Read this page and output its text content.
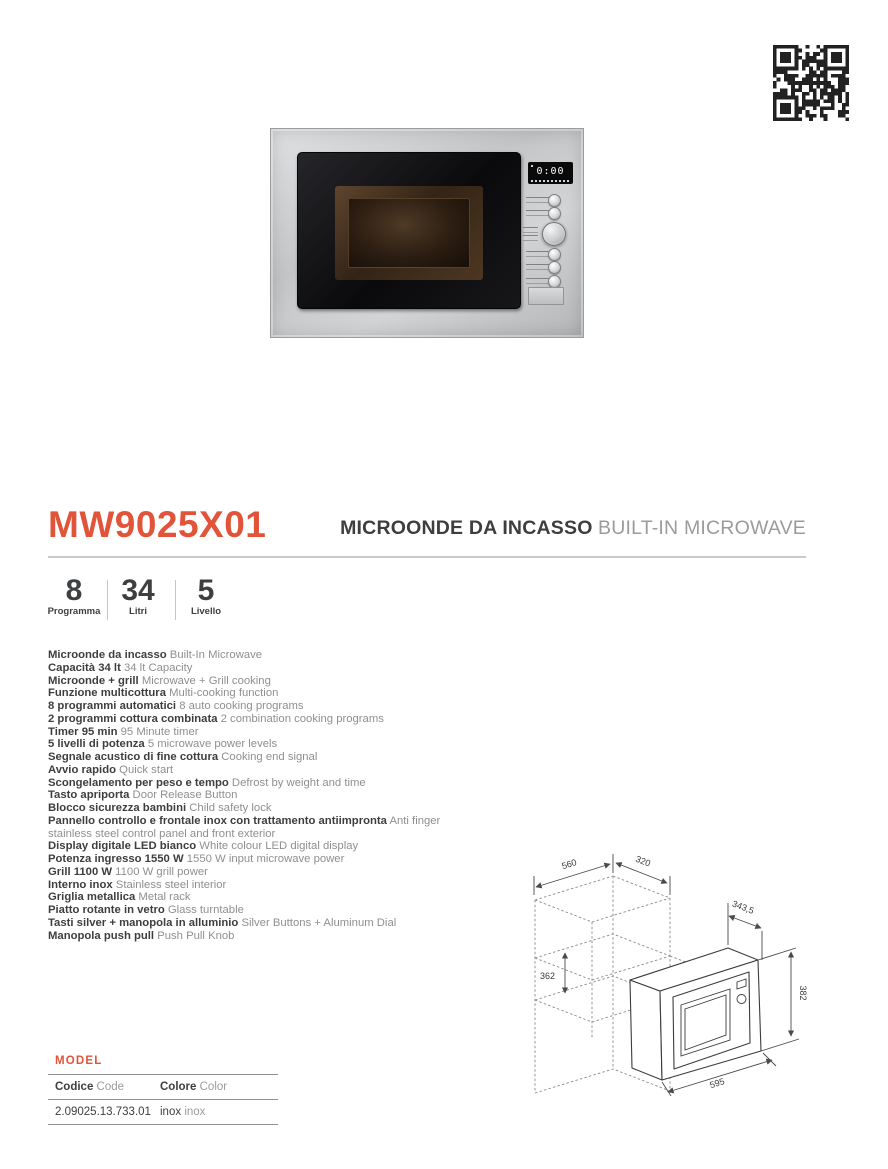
0:00
MW9025X01	MICROONDE DA INCASSO BUILT-IN MICROWAVE
8
Programma
34
Litri
5
Livello
Microonde da incasso Built-In Microwave
Capacità 34 lt 34 lt Capacity
Microonde + grill Microwave + Grill cooking
Funzione multicottura Multi-cooking function
8 programmi automatici 8 auto cooking programs
2 programmi cottura combinata 2 combination cooking programs
Timer 95 min 95 Minute timer
5 livelli di potenza 5 microwave power levels
Segnale acustico di fine cottura Cooking end signal
Avvio rapido Quick start
Scongelamento per peso e tempo Defrost by weight and time
Tasto apriporta Door Release Button
Blocco sicurezza bambini Child safety lock
Pannello controllo e frontale inox con trattamento antiimpronta Anti finger stainless steel control panel and front exterior
Display digitale LED bianco White colour LED digital display
Potenza ingresso 1550 W 1550 W input microwave power
Grill 1100 W 1100 W grill power
Interno inox Stainless steel interior
Griglia metallica Metal rack
Piatto rotante in vetro Glass turntable
Tasti silver + manopola in alluminio Silver Buttons + Aluminum Dial
Manopola push pull Push Pull Knob
560	320
362
343,5
382
595
MODEL
Codice Code	Colore Color
2.09025.13.733.01 inox inox
